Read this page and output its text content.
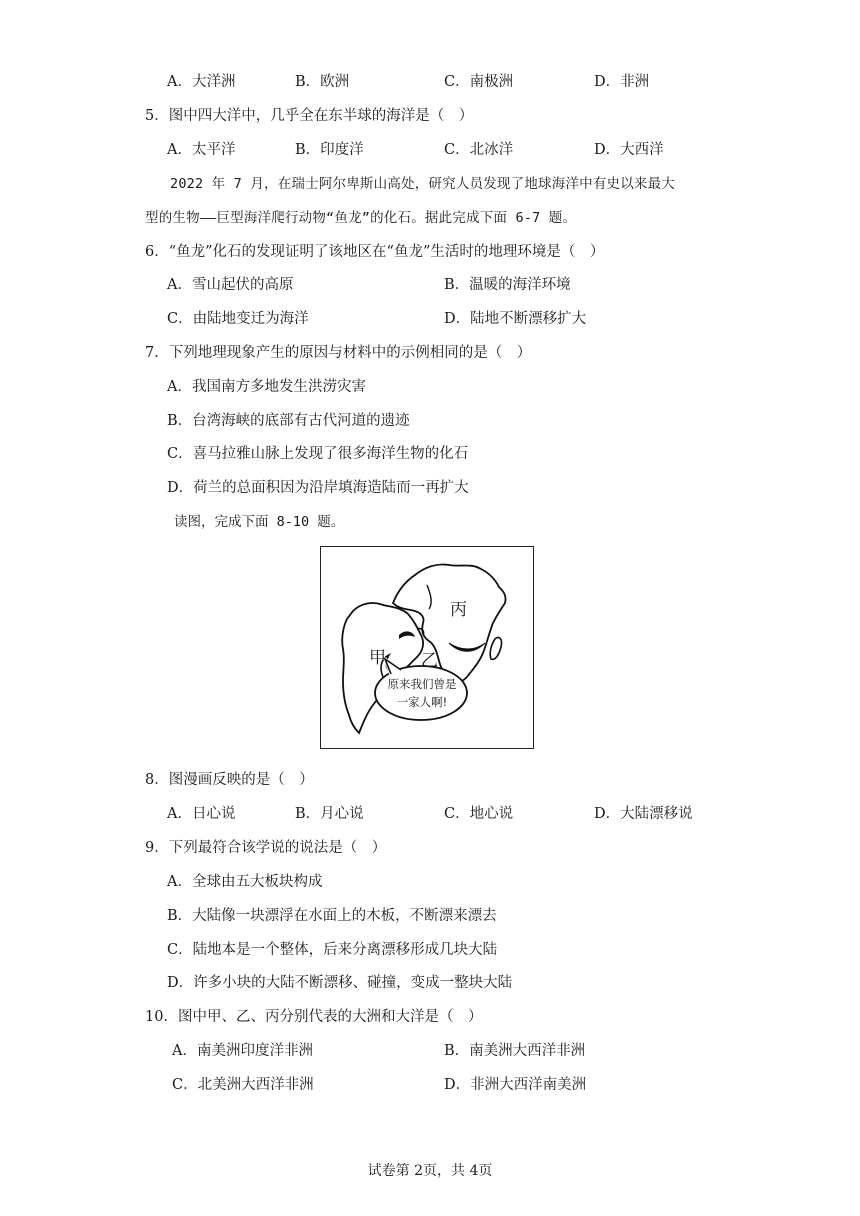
A．大洋洲	B．欧洲	C．南极洲	D．非洲
5．图中四大洋中，几乎全在东半球的海洋是（　）
A．太平洋	B．印度洋	C．北冰洋	D．大西洋
2022 年 7 月，在瑞士阿尔卑斯山高处，研究人员发现了地球海洋中有史以来最大
型的生物——巨型海洋爬行动物“鱼龙”的化石。据此完成下面 6-7 题。
6．“鱼龙”化石的发现证明了该地区在“鱼龙”生活时的地理环境是（　）
A．雪山起伏的高原	B．温暖的海洋环境
C．由陆地变迁为海洋	D．陆地不断漂移扩大
7．下列地理现象产生的原因与材料中的示例相同的是（　）
A．我国南方多地发生洪涝灾害
B．台湾海峡的底部有古代河道的遗迹
C．喜马拉雅山脉上发现了很多海洋生物的化石
D．荷兰的总面积因为沿岸填海造陆而一再扩大
读图，完成下面 8-10 题。
甲 乙
丙
原来我们曾是
一家人啊!
8．图漫画反映的是（　）
A．日心说	B．月心说	C．地心说	D．大陆漂移说
9．下列最符合该学说的说法是（　）
A．全球由五大板块构成
B．大陆像一块漂浮在水面上的木板，不断漂来漂去
C．陆地本是一个整体，后来分离漂移形成几块大陆
D．许多小块的大陆不断漂移、碰撞，变成一整块大陆
10．图中甲、乙、丙分别代表的大洲和大洋是（　）
A．南美洲印度洋非洲	B．南美洲大西洋非洲
C．北美洲大西洋非洲	D．非洲大西洋南美洲
试卷第 2页，共 4页
